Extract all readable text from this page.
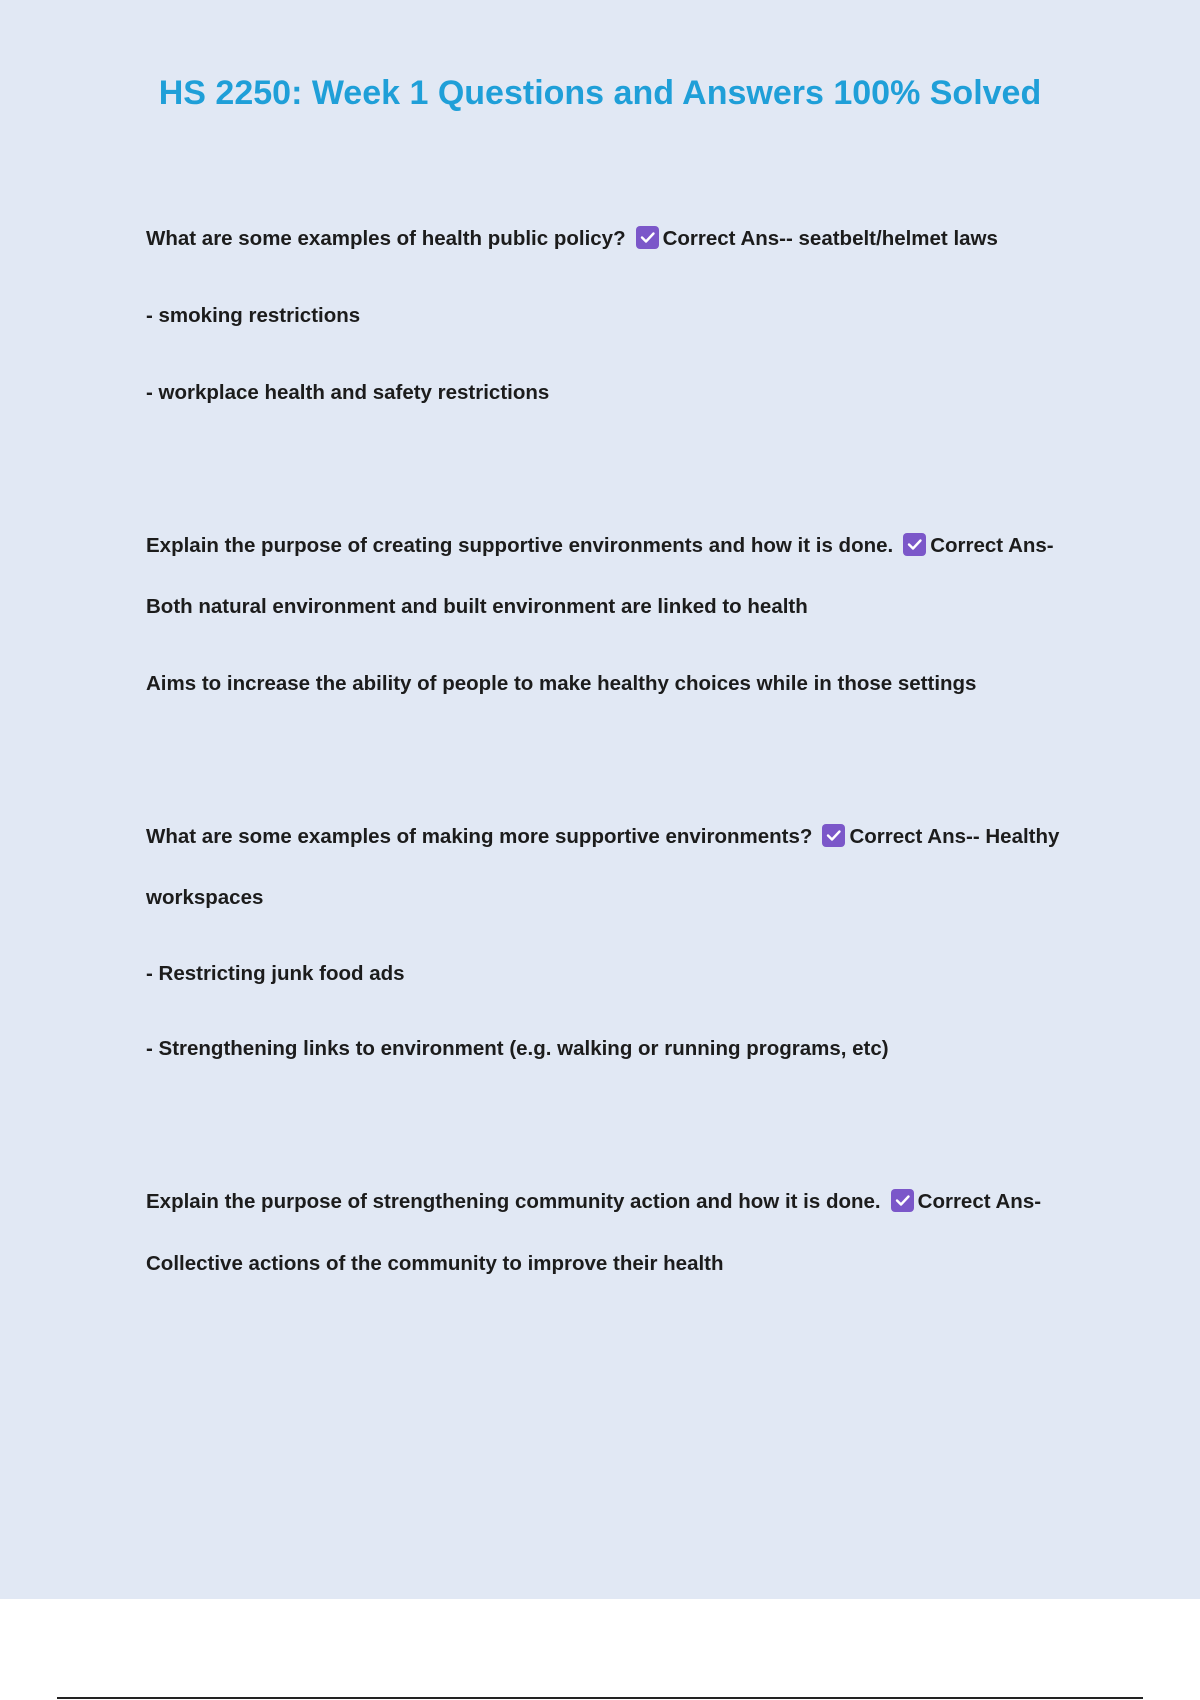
HS 2250: Week 1 Questions and Answers 100% Solved
What are some examples of health public policy? Correct Ans-- seatbelt/helmet laws
- smoking restrictions
- workplace health and safety restrictions
Explain the purpose of creating supportive environments and how it is done. Correct Ans-
Both natural environment and built environment are linked to health
Aims to increase the ability of people to make healthy choices while in those settings
What are some examples of making more supportive environments? Correct Ans-- Healthy
workspaces
- Restricting junk food ads
- Strengthening links to environment (e.g. walking or running programs, etc)
Explain the purpose of strengthening community action and how it is done. Correct Ans-
Collective actions of the community to improve their health
